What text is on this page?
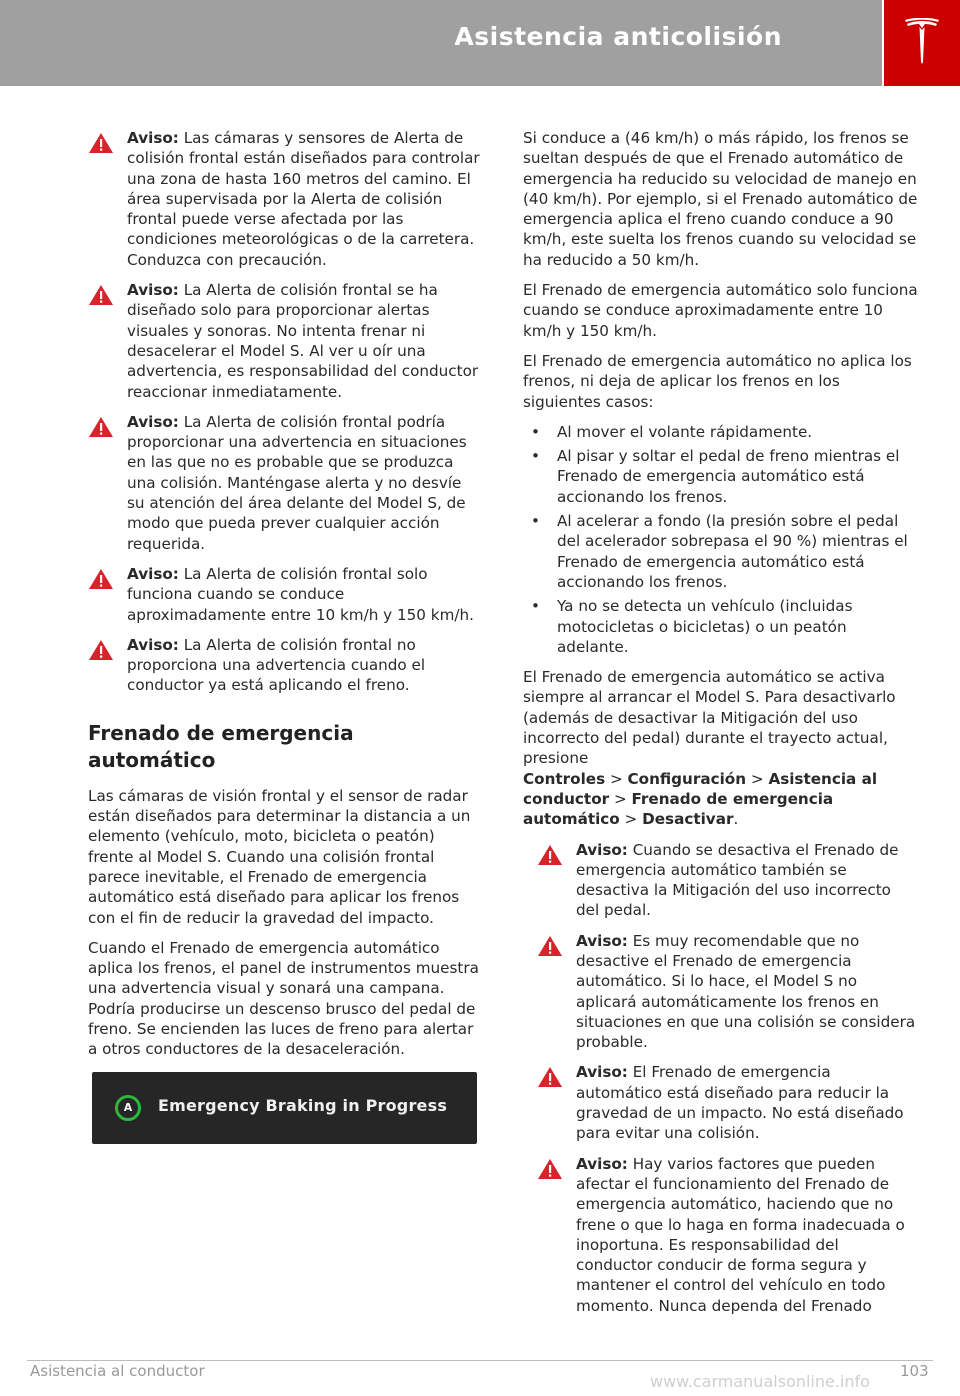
Asistencia anticolisión
Aviso: Las cámaras y sensores de Alerta de colisión frontal están diseñados para controlar una zona de hasta 160 metros del camino. El área supervisada por la Alerta de colisión frontal puede verse afectada por las condiciones meteorológicas o de la carretera. Conduzca con precaución.
Aviso: La Alerta de colisión frontal se ha diseñado solo para proporcionar alertas visuales y sonoras. No intenta frenar ni desacelerar el Model S. Al ver u oír una advertencia, es responsabilidad del conductor reaccionar inmediatamente.
Aviso: La Alerta de colisión frontal podría proporcionar una advertencia en situaciones en las que no es probable que se produzca una colisión. Manténgase alerta y no desvíe su atención del área delante del Model S, de modo que pueda prever cualquier acción requerida.
Aviso: La Alerta de colisión frontal solo funciona cuando se conduce aproximadamente entre 10 km/h y 150 km/h.
Aviso: La Alerta de colisión frontal no proporciona una advertencia cuando el conductor ya está aplicando el freno.
Frenado de emergencia automático

Las cámaras de visión frontal y el sensor de radar están diseñados para determinar la distancia a un elemento (vehículo, moto, bicicleta o peatón) frente al Model S. Cuando una colisión frontal parece inevitable, el Frenado de emergencia automático está diseñado para aplicar los frenos con el fin de reducir la gravedad del impacto.

Cuando el Frenado de emergencia automático aplica los frenos, el panel de instrumentos muestra una advertencia visual y sonará una campana. Podría producirse un descenso brusco del pedal de freno. Se encienden las luces de freno para alertar a otros conductores de la desaceleración.

A	Emergency Braking in Progress

Si conduce a (46 km/h) o más rápido, los frenos se sueltan después de que el Frenado automático de emergencia ha reducido su velocidad de manejo en (40 km/h). Por ejemplo, si el Frenado automático de emergencia aplica el freno cuando conduce a 90 km/h, este suelta los frenos cuando su velocidad se ha reducido a 50 km/h.

El Frenado de emergencia automático solo funciona cuando se conduce aproximadamente entre 10 km/h y 150 km/h.

El Frenado de emergencia automático no aplica los frenos, ni deja de aplicar los frenos en los siguientes casos:

• Al mover el volante rápidamente.
• Al pisar y soltar el pedal de freno mientras el Frenado de emergencia automático está accionando los frenos.
• Al acelerar a fondo (la presión sobre el pedal del acelerador sobrepasa el 90 %) mientras el Frenado de emergencia automático está accionando los frenos.
• Ya no se detecta un vehículo (incluidas motocicletas o bicicletas) o un peatón adelante.

El Frenado de emergencia automático se activa siempre al arrancar el Model S. Para desactivarlo (además de desactivar la Mitigación del uso incorrecto del pedal) durante el trayecto actual, presione
Controles > Configuración > Asistencia al conductor > Frenado de emergencia automático > Desactivar.

Aviso: Cuando se desactiva el Frenado de emergencia automático también se desactiva la Mitigación del uso incorrecto del pedal.
Aviso: Es muy recomendable que no desactive el Frenado de emergencia automático. Si lo hace, el Model S no aplicará automáticamente los frenos en situaciones en que una colisión se considera probable.
Aviso: El Frenado de emergencia automático está diseñado para reducir la gravedad de un impacto. No está diseñado para evitar una colisión.
Aviso: Hay varios factores que pueden afectar el funcionamiento del Frenado de emergencia automático, haciendo que no frene o que lo haga en forma inadecuada o inoportuna. Es responsabilidad del conductor conducir de forma segura y mantener el control del vehículo en todo momento. Nunca dependa del Frenado
Asistencia al conductor	103
www.carmanualsonline.info
